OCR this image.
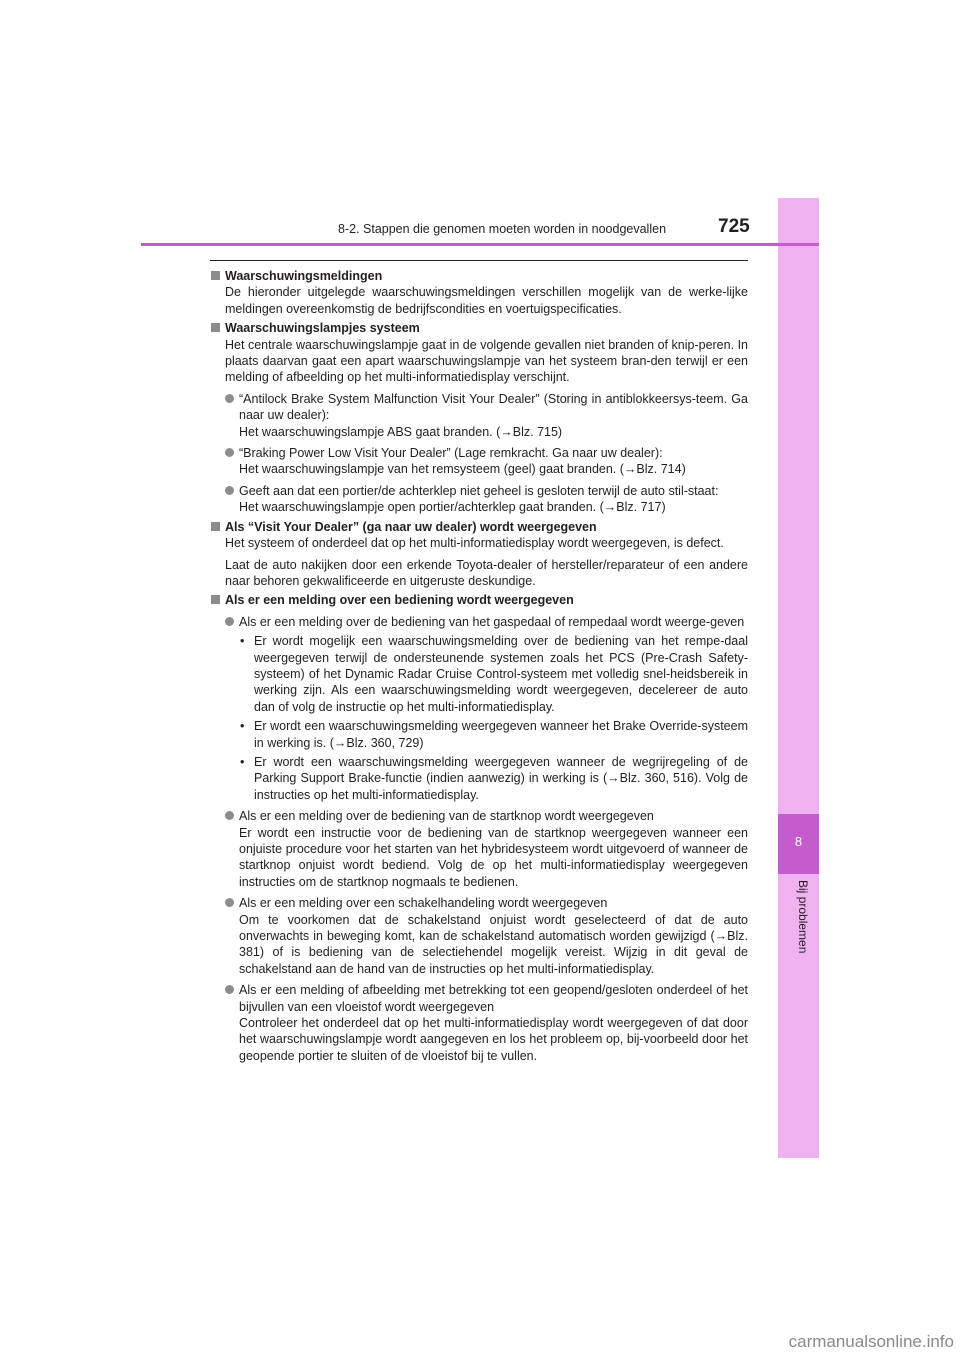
8
Bij problemen
8-2. Stappen die genomen moeten worden in noodgevallen	725
Waarschuwingsmeldingen
De hieronder uitgelegde waarschuwingsmeldingen verschillen mogelijk van de werke-lijke meldingen overeenkomstig de bedrijfscondities en voertuigspecificaties.
Waarschuwingslampjes systeem
Het centrale waarschuwingslampje gaat in de volgende gevallen niet branden of knip-peren. In plaats daarvan gaat een apart waarschuwingslampje van het systeem bran-den terwijl er een melding of afbeelding op het multi-informatiedisplay verschijnt.
“Antilock Brake System Malfunction Visit Your Dealer” (Storing in antiblokkeersys-teem. Ga naar uw dealer):
Het waarschuwingslampje ABS gaat branden. (→Blz. 715)
“Braking Power Low Visit Your Dealer” (Lage remkracht. Ga naar uw dealer):
Het waarschuwingslampje van het remsysteem (geel) gaat branden. (→Blz. 714)
Geeft aan dat een portier/de achterklep niet geheel is gesloten terwijl de auto stil-staat:
Het waarschuwingslampje open portier/achterklep gaat branden. (→Blz. 717)
Als “Visit Your Dealer” (ga naar uw dealer) wordt weergegeven
Het systeem of onderdeel dat op het multi-informatiedisplay wordt weergegeven, is defect.
Laat de auto nakijken door een erkende Toyota-dealer of hersteller/reparateur of een andere naar behoren gekwalificeerde en uitgeruste deskundige.
Als er een melding over een bediening wordt weergegeven
Als er een melding over de bediening van het gaspedaal of rempedaal wordt weerge-geven
• Er wordt mogelijk een waarschuwingsmelding over de bediening van het rempe-daal weergegeven terwijl de ondersteunende systemen zoals het PCS (Pre-Crash Safety-systeem) of het Dynamic Radar Cruise Control-systeem met volledig snel-heidsbereik in werking zijn. Als een waarschuwingsmelding wordt weergegeven, decelereer de auto dan of volg de instructie op het multi-informatiedisplay.
• Er wordt een waarschuwingsmelding weergegeven wanneer het Brake Override-systeem in werking is. (→Blz. 360, 729)
• Er wordt een waarschuwingsmelding weergegeven wanneer de wegrijregeling of de Parking Support Brake-functie (indien aanwezig) in werking is (→Blz. 360, 516). Volg de instructies op het multi-informatiedisplay.
Als er een melding over de bediening van de startknop wordt weergegeven
Er wordt een instructie voor de bediening van de startknop weergegeven wanneer een onjuiste procedure voor het starten van het hybridesysteem wordt uitgevoerd of wanneer de startknop onjuist wordt bediend. Volg de op het multi-informatiedisplay weergegeven instructies om de startknop nogmaals te bedienen.
Als er een melding over een schakelhandeling wordt weergegeven
Om te voorkomen dat de schakelstand onjuist wordt geselecteerd of dat de auto onverwachts in beweging komt, kan de schakelstand automatisch worden gewijzigd (→Blz. 381) of is bediening van de selectiehendel mogelijk vereist. Wijzig in dit geval de schakelstand aan de hand van de instructies op het multi-informatiedisplay.
Als er een melding of afbeelding met betrekking tot een geopend/gesloten onderdeel of het bijvullen van een vloeistof wordt weergegeven
Controleer het onderdeel dat op het multi-informatiedisplay wordt weergegeven of dat door het waarschuwingslampje wordt aangegeven en los het probleem op, bij-voorbeeld door het geopende portier te sluiten of de vloeistof bij te vullen.
carmanualsonline.info
